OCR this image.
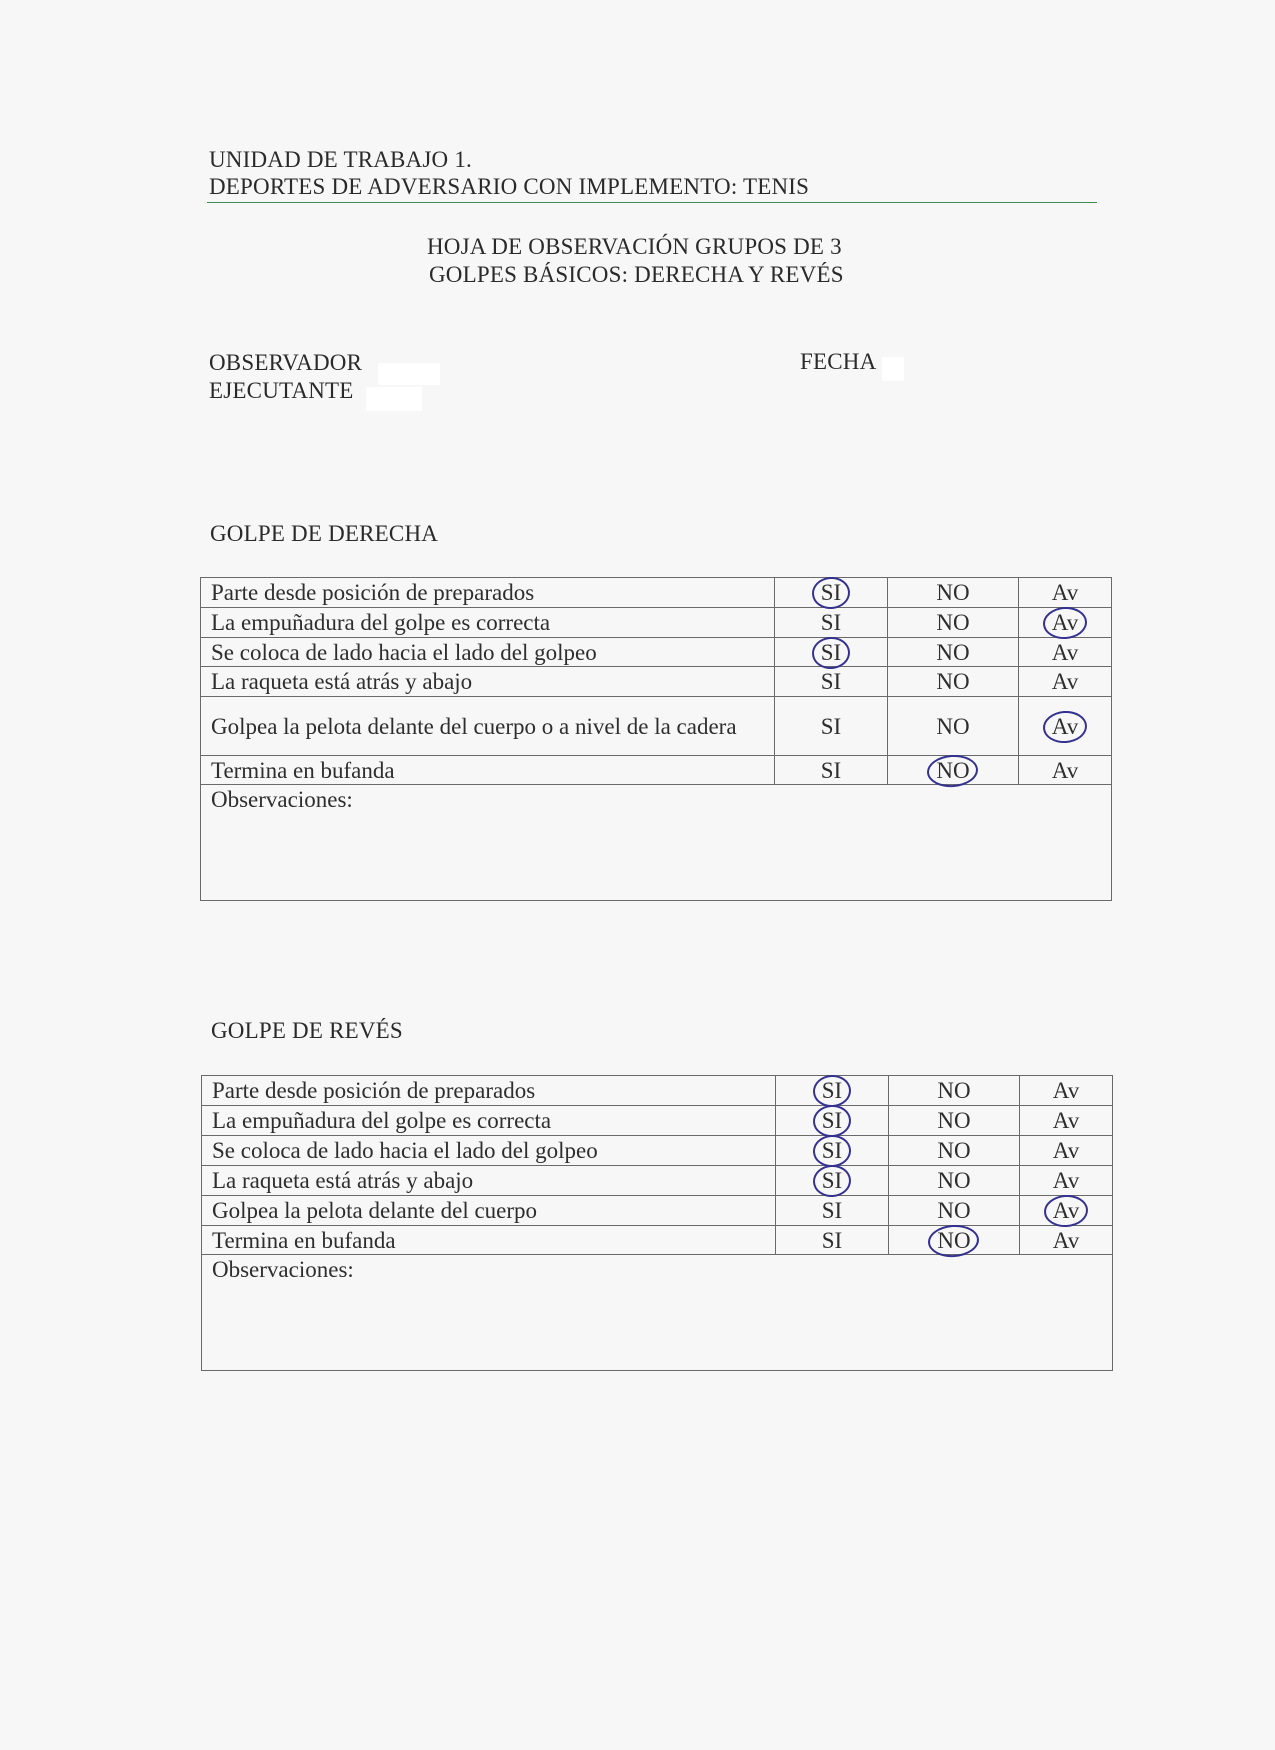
UNIDAD DE TRABAJO 1.
DEPORTES DE ADVERSARIO CON IMPLEMENTO: TENIS
HOJA DE OBSERVACIÓN GRUPOS DE 3
GOLPES BÁSICOS: DERECHA Y REVÉS
OBSERVADOR	FECHA
EJECUTANTE
GOLPE DE DERECHA
Parte desde posición de preparados	SI	NO	Av
La empuñadura del golpe es correcta	SI	NO	Av

Se coloca de lado hacia el lado del golpeo	SI	NO	Av
La raqueta está atrás y abajo	SI	NO	Av
Golpea la pelota delante del cuerpo o a nivel de la cadera	SI	NO	Av

Termina en bufanda	SI	NO	Av
Observaciones:			
GOLPE DE REVÉS
Parte desde posición de preparados	SI	NO	Av
La empuñadura del golpe es correcta	SI	NO	Av
Se coloca de lado hacia el lado del golpeo	SI	NO	Av
La raqueta está atrás y abajo	SI	NO	Av
Golpea la pelota delante del cuerpo	SI	NO	Av

Termina en bufanda	SI	NO	Av
Observaciones:			
